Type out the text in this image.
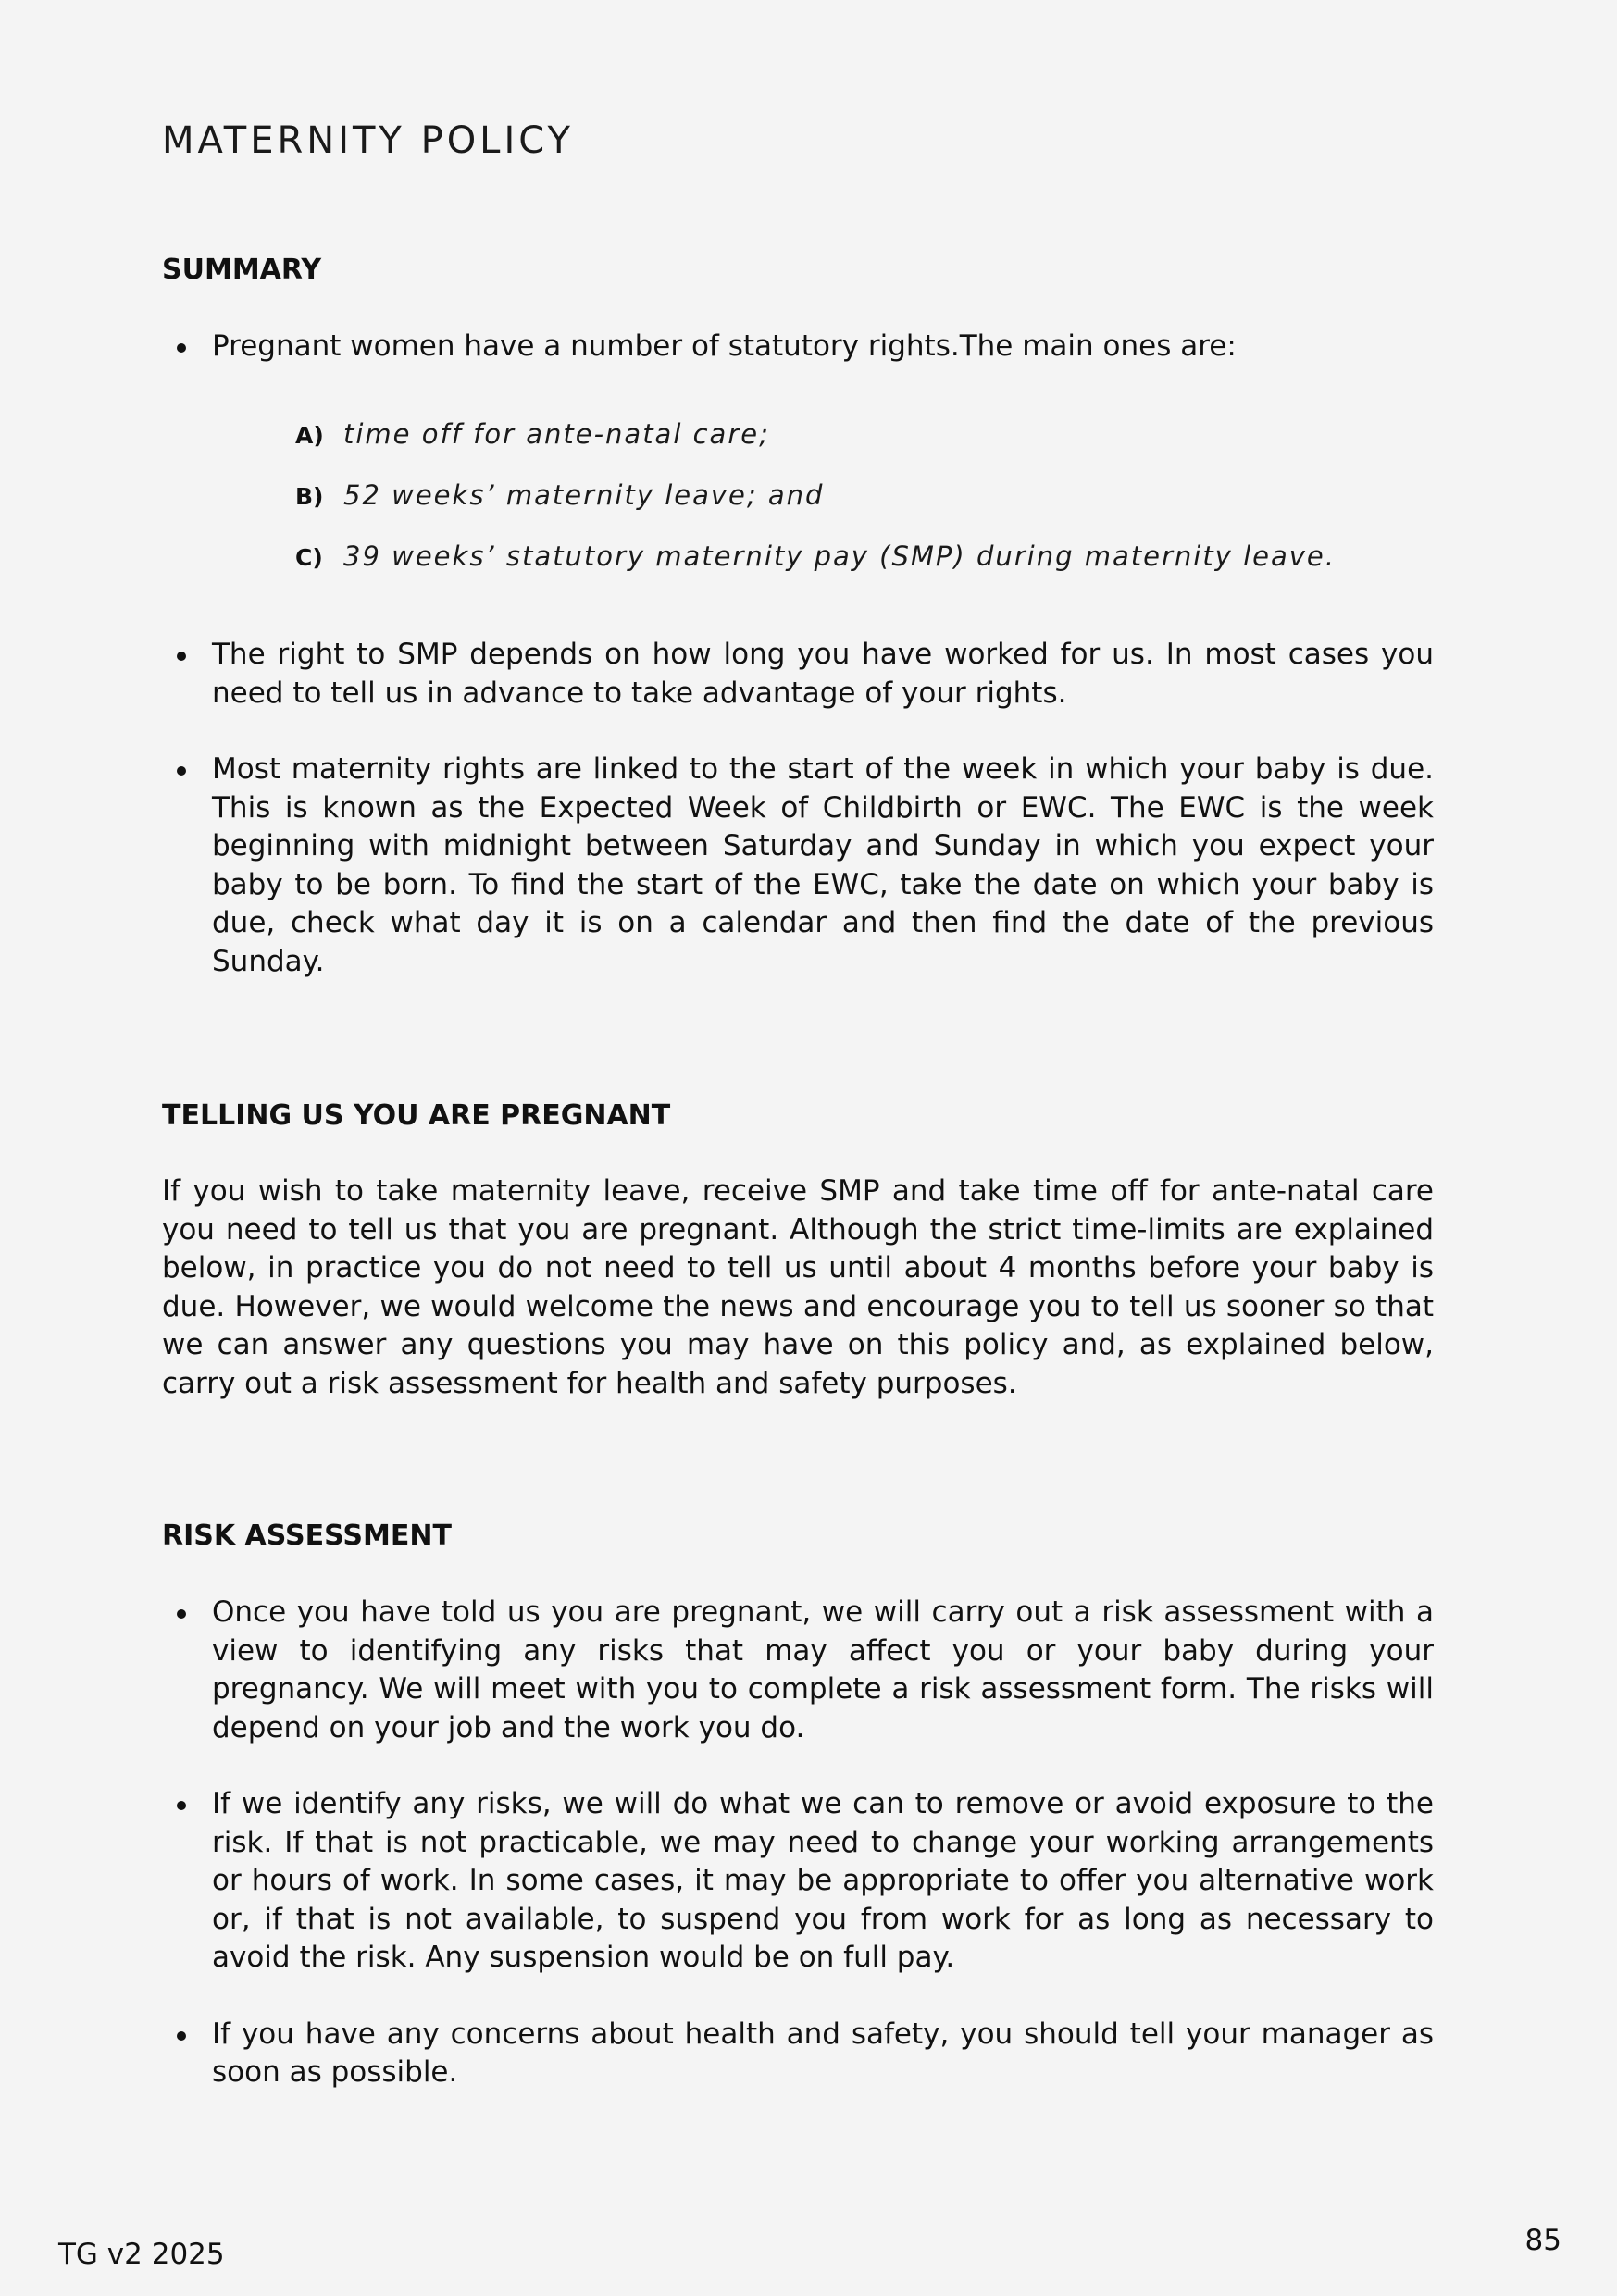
MATERNITY POLICY
SUMMARY
Pregnant women have a number of statutory rights.The main ones are:
A) time off for ante-natal care;
B) 52 weeks’ maternity leave; and
C) 39 weeks’ statutory maternity pay (SMP) during maternity leave.
The right to SMP depends on how long you have worked for us. In most cases you need to tell us in advance to take advantage of your rights.
Most maternity rights are linked to the start of the week in which your baby is due. This is known as the Expected Week of Childbirth or EWC. The EWC is the week beginning with midnight between Saturday and Sunday in which you expect your baby to be born. To find the start of the EWC, take the date on which your baby is due, check what day it is on a calendar and then find the date of the previous Sunday.
TELLING US YOU ARE PREGNANT

If you wish to take maternity leave, receive SMP and take time off for ante-natal care you need to tell us that you are pregnant. Although the strict time-limits are explained below, in practice you do not need to tell us until about 4 months before your baby is due. However, we would welcome the news and encourage you to tell us sooner so that we can answer any questions you may have on this policy and, as explained below, carry out a risk assessment for health and safety purposes.

RISK ASSESSMENT
Once you have told us you are pregnant, we will carry out a risk assessment with a view to identifying any risks that may affect you or your baby during your pregnancy. We will meet with you to complete a risk assessment form. The risks will depend on your job and the work you do.
If we identify any risks, we will do what we can to remove or avoid exposure to the risk. If that is not practicable, we may need to change your working arrangements or hours of work. In some cases, it may be appropriate to offer you alternative work or, if that is not available, to suspend you from work for as long as necessary to avoid the risk. Any suspension would be on full pay.
If you have any concerns about health and safety, you should tell your manager as soon as possible.
TG v2 2025	85
